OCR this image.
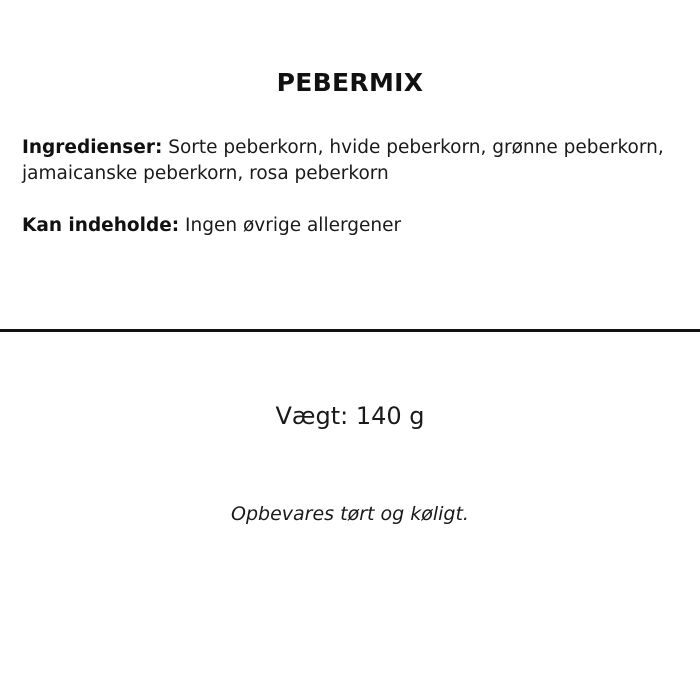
PEBERMIX
Ingredienser: Sorte peberkorn, hvide peberkorn, grønne peberkorn, jamaicanske peberkorn, rosa peberkorn
Kan indeholde: Ingen øvrige allergener
Vægt: 140 g
Opbevares tørt og køligt.
